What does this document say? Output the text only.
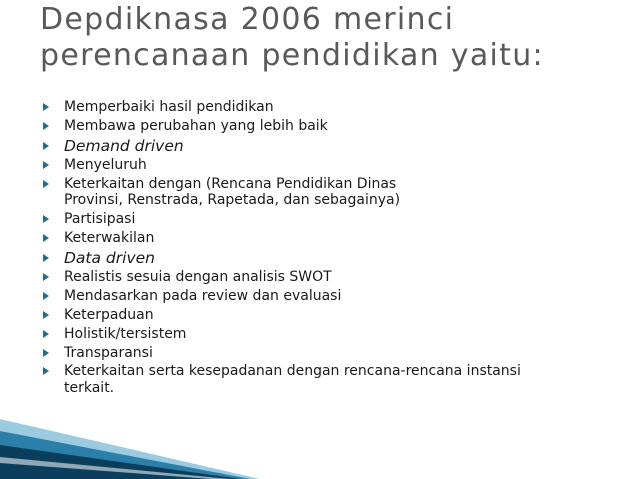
Depdiknasa 2006 merinci
perencanaan pendidikan yaitu:
Memperbaiki hasil pendidikan
Membawa perubahan yang lebih baik
Demand driven
Menyeluruh
Keterkaitan dengan (Rencana Pendidikan Dinas
Provinsi, Renstrada, Rapetada, dan sebagainya)
Partisipasi
Keterwakilan
Data driven
Realistis sesuia dengan analisis SWOT
Mendasarkan pada review dan evaluasi
Keterpaduan
Holistik/tersistem
Transparansi
Keterkaitan serta kesepadanan dengan rencana-rencana instansi
terkait.
